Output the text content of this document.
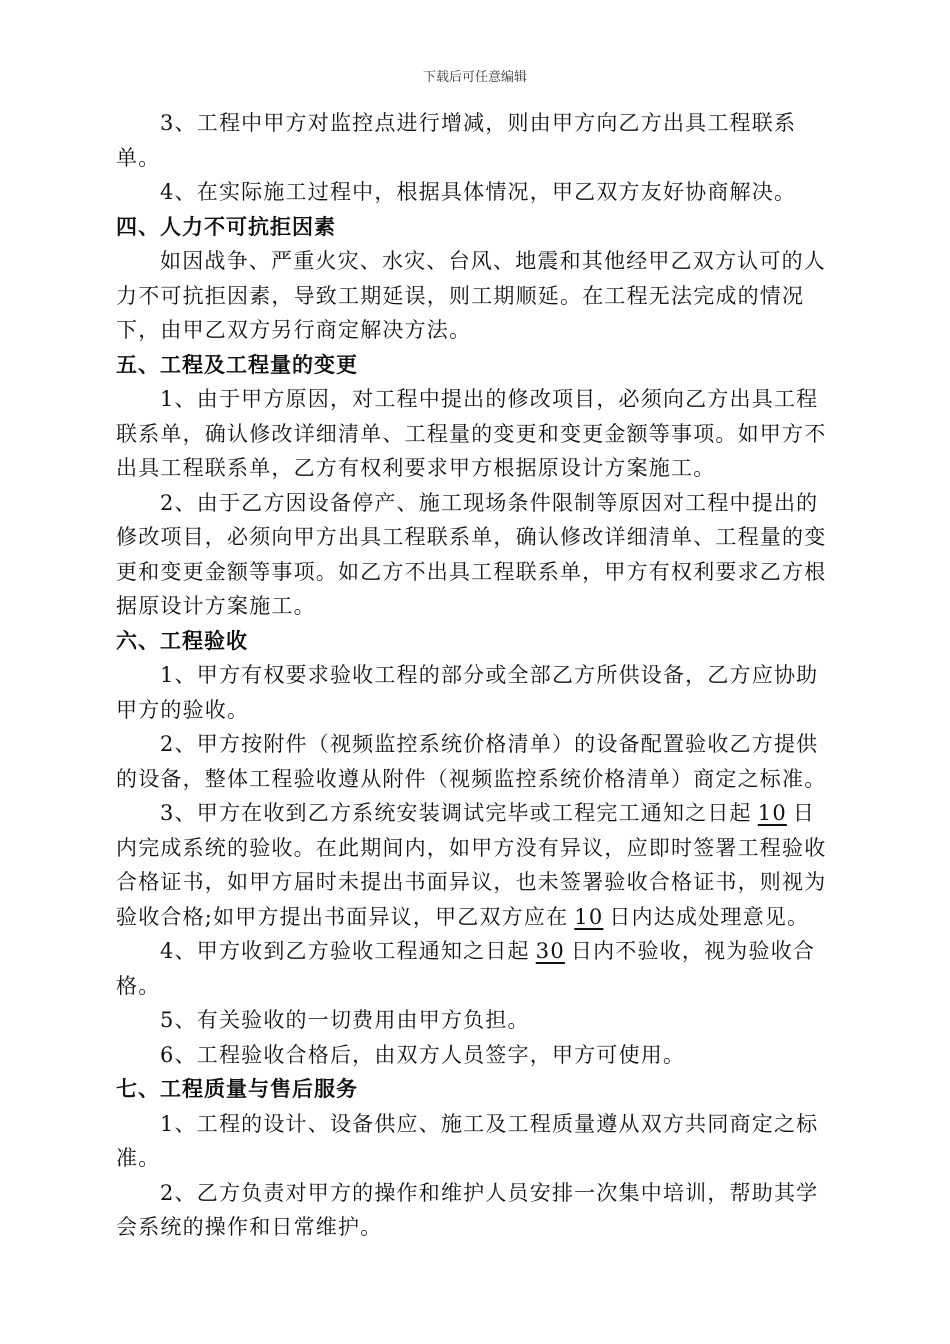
下载后可任意编辑
3、工程中甲方对监控点进行增减，则由甲方向乙方出具工程联系
单。
4、在实际施工过程中，根据具体情况，甲乙双方友好协商解决。
四、人力不可抗拒因素
如因战争、严重火灾、水灾、台风、地震和其他经甲乙双方认可的人
力不可抗拒因素，导致工期延误，则工期顺延。在工程无法完成的情况
下，由甲乙双方另行商定解决方法。
五、工程及工程量的变更
1、由于甲方原因，对工程中提出的修改项目，必须向乙方出具工程
联系单，确认修改详细清单、工程量的变更和变更金额等事项。如甲方不
出具工程联系单，乙方有权利要求甲方根据原设计方案施工。
2、由于乙方因设备停产、施工现场条件限制等原因对工程中提出的
修改项目，必须向甲方出具工程联系单，确认修改详细清单、工程量的变
更和变更金额等事项。如乙方不出具工程联系单，甲方有权利要求乙方根
据原设计方案施工。
六、工程验收
1、甲方有权要求验收工程的部分或全部乙方所供设备，乙方应协助
甲方的验收。
2、甲方按附件（视频监控系统价格清单）的设备配置验收乙方提供
的设备，整体工程验收遵从附件（视频监控系统价格清单）商定之标准。
3、甲方在收到乙方系统安装调试完毕或工程完工通知之日起 10 日
内完成系统的验收。在此期间内，如甲方没有异议，应即时签署工程验收
合格证书，如甲方届时未提出书面异议，也未签署验收合格证书，则视为
验收合格;如甲方提出书面异议，甲乙双方应在 10 日内达成处理意见。
4、甲方收到乙方验收工程通知之日起 30 日内不验收，视为验收合
格。
5、有关验收的一切费用由甲方负担。
6、工程验收合格后，由双方人员签字，甲方可使用。
七、工程质量与售后服务
1、工程的设计、设备供应、施工及工程质量遵从双方共同商定之标
准。
2、乙方负责对甲方的操作和维护人员安排一次集中培训，帮助其学
会系统的操作和日常维护。
